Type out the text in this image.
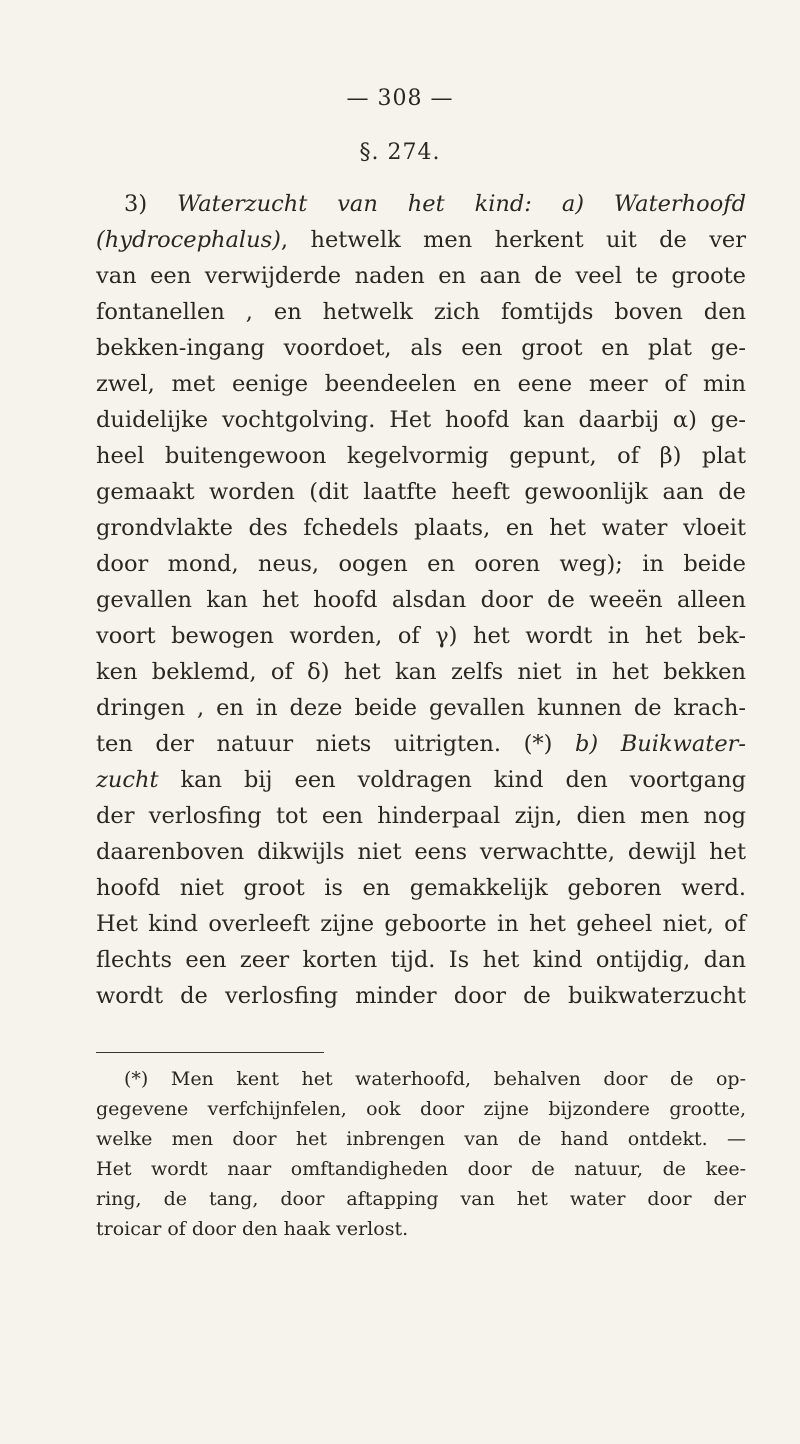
— 308 —
§. 274.
3) Waterzucht van het kind: a) Waterhoofd
(hydrocephalus), hetwelk men herkent uit de ver
van een verwijderde naden en aan de veel te groote
fontanellen , en hetwelk zich fomtijds boven den
bekken-ingang voordoet, als een groot en plat ge-
zwel, met eenige beendeelen en eene meer of min
duidelijke vochtgolving. Het hoofd kan daarbij α) ge-
heel buitengewoon kegelvormig gepunt, of β) plat
gemaakt worden (dit laatfte heeft gewoonlijk aan de
grondvlakte des fchedels plaats, en het water vloeit
door mond, neus, oogen en ooren weg); in beide
gevallen kan het hoofd alsdan door de weeën alleen
voort bewogen worden, of γ) het wordt in het bek-
ken beklemd, of δ) het kan zelfs niet in het bekken
dringen , en in deze beide gevallen kunnen de krach-
ten der natuur niets uitrigten. (*) b) Buikwater-
zucht kan bij een voldragen kind den voortgang
der verlosfing tot een hinderpaal zijn, dien men nog
daarenboven dikwijls niet eens verwachtte, dewijl het
hoofd niet groot is en gemakkelijk geboren werd.
Het kind overleeft zijne geboorte in het geheel niet, of
flechts een zeer korten tijd. Is het kind ontijdig, dan
wordt de verlosfing minder door de buikwaterzucht
(*) Men kent het waterhoofd, behalven door de op-
gegevene verfchijnfelen, ook door zijne bijzondere grootte,
welke men door het inbrengen van de hand ontdekt. —
Het wordt naar omftandigheden door de natuur, de kee-
ring, de tang, door aftapping van het water door der
troicar of door den haak verlost.
